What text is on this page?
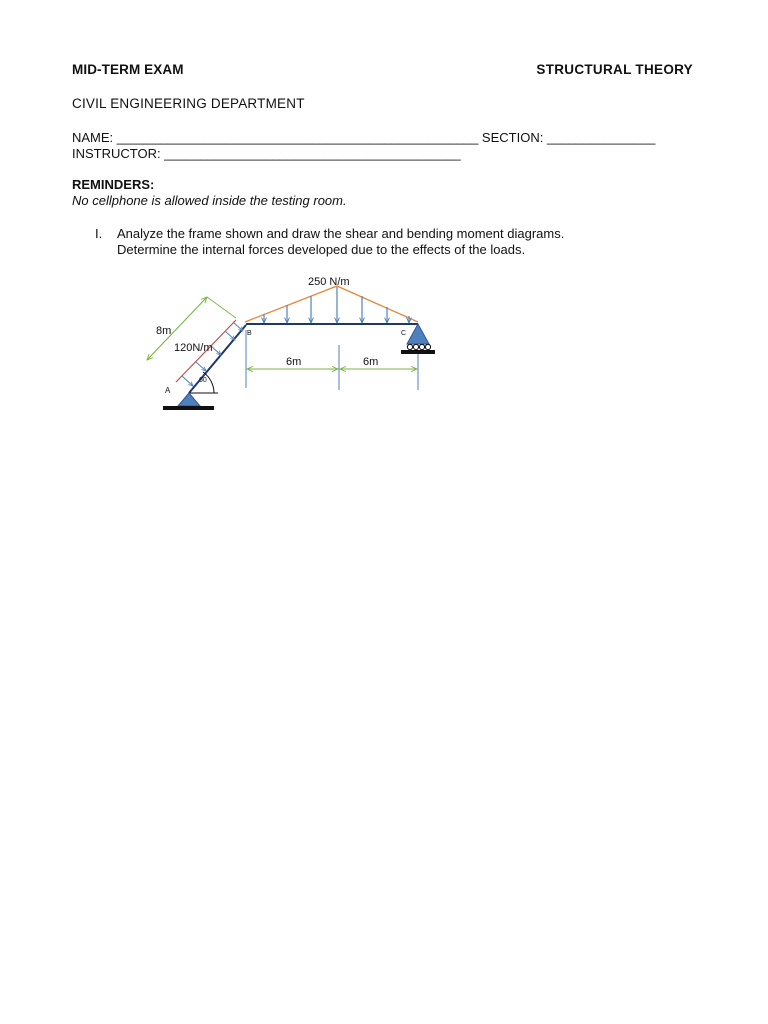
MID-TERM EXAM	STRUCTURAL THEORY
CIVIL ENGINEERING DEPARTMENT
NAME: __________________________________________________ SECTION: _______________
INSTRUCTOR: _________________________________________
REMINDERS:
No cellphone is allowed inside the testing room.
I. Analyze the frame shown and draw the shear and bending moment diagrams.
Determine the internal forces developed due to the effects of the loads.
250 N/m
120N/m
8m
6m	6m
60
A
B	C
